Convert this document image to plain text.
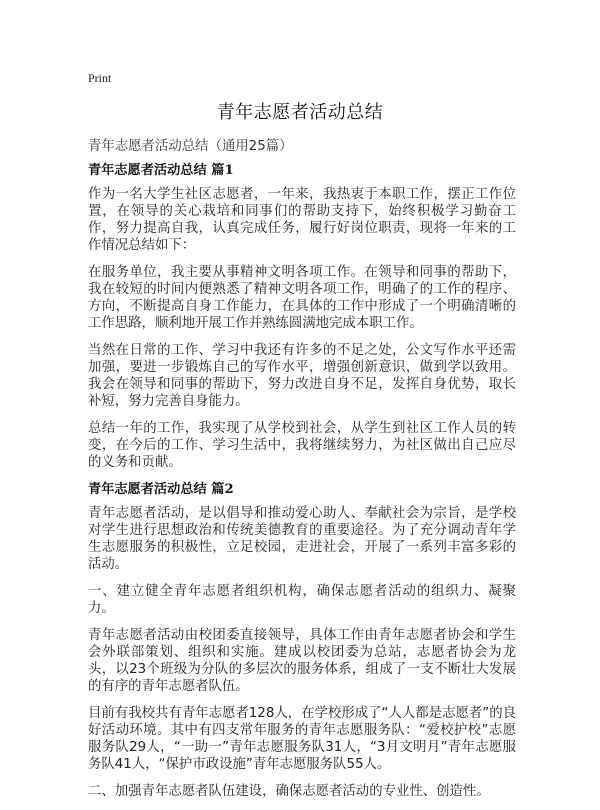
Print
青年志愿者活动总结

青年志愿者活动总结（通用25篇）

青年志愿者活动总结 篇1

作为一名大学生社区志愿者，一年来，我热衷于本职工作，摆正工作位置，在领导的关心栽培和同事们的帮助支持下，始终积极学习勤奋工作，努力提高自我，认真完成任务，履行好岗位职责，现将一年来的工作情况总结如下：

在服务单位，我主要从事精神文明各项工作。在领导和同事的帮助下，我在较短的时间内便熟悉了精神文明各项工作，明确了的工作的程序、方向，不断提高自身工作能力，在具体的工作中形成了一个明确清晰的工作思路，顺利地开展工作并熟练圆满地完成本职工作。

当然在日常的工作、学习中我还有许多的不足之处，公文写作水平还需加强，要进一步锻炼自己的写作水平，增强创新意识，做到学以致用。我会在领导和同事的帮助下，努力改进自身不足，发挥自身优势，取长补短，努力完善自身能力。

总结一年的工作，我实现了从学校到社会，从学生到社区工作人员的转变，在今后的工作、学习生活中，我将继续努力，为社区做出自己应尽的义务和贡献。

青年志愿者活动总结 篇2

青年志愿者活动，是以倡导和推动爱心助人、奉献社会为宗旨，是学校对学生进行思想政治和传统美德教育的重要途径。为了充分调动青年学生志愿服务的积极性，立足校园，走进社会，开展了一系列丰富多彩的活动。

一、建立健全青年志愿者组织机构，确保志愿者活动的组织力、凝聚力。

青年志愿者活动由校团委直接领导，具体工作由青年志愿者协会和学生会外联部策划、组织和实施。建成以校团委为总站，志愿者协会为龙头，以23个班级为分队的多层次的服务体系，组成了一支不断壮大发展的有序的青年志愿者队伍。

目前有我校共有青年志愿者128人，在学校形成了“人人都是志愿者”的良好活动环境。其中有四支常年服务的青年志愿服务队：“爱校护校”志愿服务队29人，“一助一”青年志愿服务队31人，“3月文明月”青年志愿服务队41人，“保护市政设施”青年志愿服务队55人。

二、加强青年志愿者队伍建设，确保志愿者活动的专业性、创造性。
